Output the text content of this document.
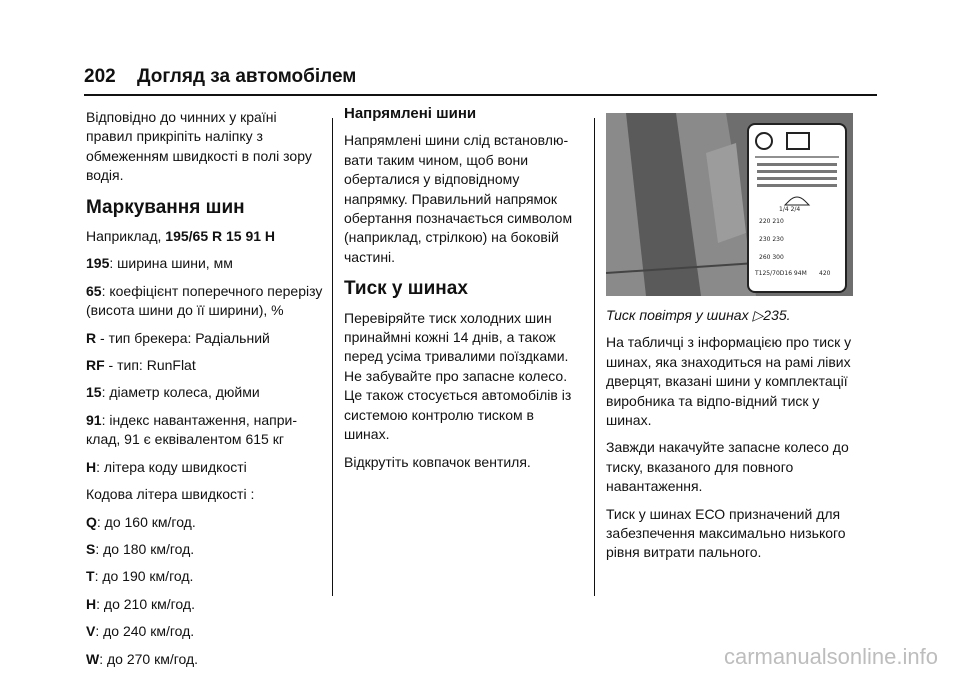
202 Догляд за автомобілем

Відповідно до чинних у країні правил прикріпіть наліпку з обмеженням швидкості в полі зору водія.

Маркування шин

Наприклад, 195/65 R 15 91 H

195: ширина шини, мм

65: коефіцієнт поперечного перерізу (висота шини до її ширини), %

R - тип брекера: Радіальний

RF - тип: RunFlat

15: діаметр колеса, дюйми

91: індекс навантаження, напри-клад, 91 є еквівалентом 615 кг

H: літера коду швидкості

Кодова літера швидкості :

Q: до 160 км/год.

S: до 180 км/год.

T: до 190 км/год.

H: до 210 км/год.

V: до 240 км/год.

W: до 270 км/год.

Напрямлені шини

Напрямлені шини слід встановлю-вати таким чином, щоб вони оберталися у відповідному напрямку. Правильний напрямок обертання позначається символом (наприклад, стрілкою) на боковій частині.

Тиск у шинах

Перевіряйте тиск холодних шин принаймні кожні 14 днів, а також перед усіма тривалими поїздками. Не забувайте про запасне колесо. Це також стосується автомобілів із системою контролю тиском в шинах.

Відкрутіть ковпачок вентиля.

220 210
230 230
260 300
1/4 2/4
T125/70D16 94M 420

Тиск повітря у шинах ▷235.

На табличці з інформацією про тиск у шинах, яка знаходиться на рамі лівих дверцят, вказані шини у комплектації виробника та відпо-відний тиск у шинах.

Завжди накачуйте запасне колесо до тиску, вказаного для повного навантаження.

Тиск у шинах ЕСО призначений для забезпечення максимально низького рівня витрати пального.

carmanualsonline.info
